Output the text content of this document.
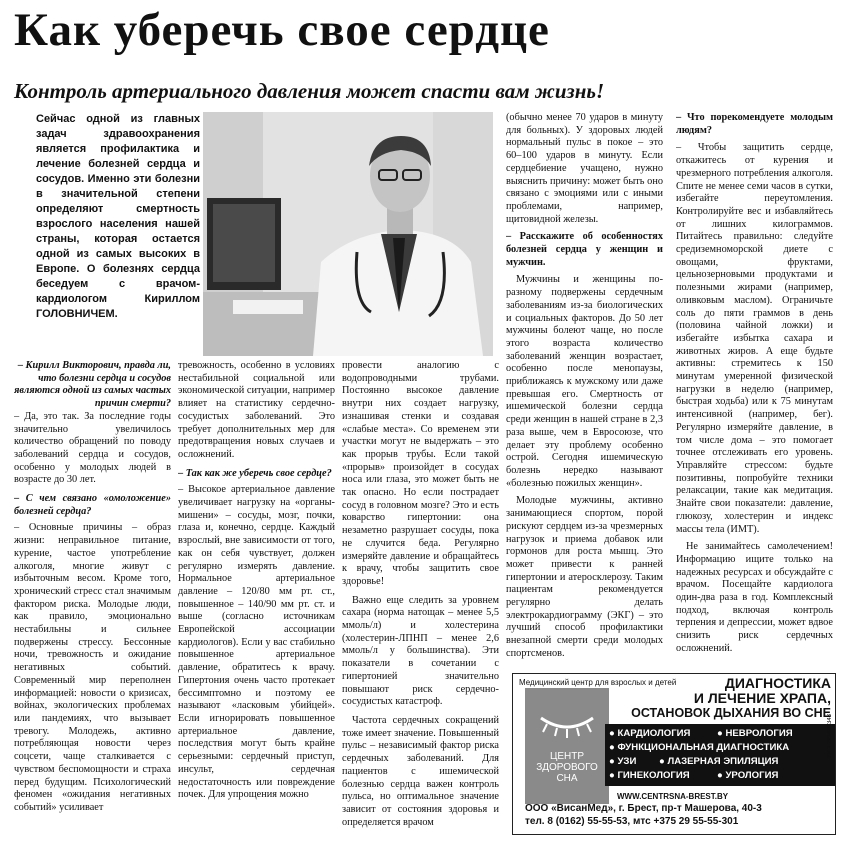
Как уберечь свое сердце
Контроль артериального давления может спасти вам жизнь!
Сейчас одной из главных задач здравоохранения является профилактика и лечение болезней сердца и сосудов. Именно эти болезни в значительной степени определяют смертность взрослого населения нашей страны, которая остается одной из самых высоких в Европе. О болезнях сердца беседуем с врачом-кардиологом Кириллом ГОЛОВНИЧЕМ.

– Кирилл Викторович, правда ли, что болезни сердца и сосудов являются одной из самых частых причин смерти?

– Да, это так. За последние годы значительно увеличилось количество обращений по поводу заболеваний сердца и сосудов, особенно у молодых людей в возрасте до 30 лет.

– С чем связано «омоложение» болезней сердца?

– Основные причины – образ жизни: неправильное питание, курение, частое употребление алкоголя, многие живут с избыточным весом. Кроме того, хронический стресс стал значимым фактором риска. Молодые люди, как правило, эмоционально нестабильны и сильнее подвержены стрессу. Бессонные ночи, тревожность и ожидание негативных событий. Современный мир переполнен информацией: новости о кризисах, войнах, экологических проблемах или пандемиях, что вызывает тревогу. Молодежь, активно потребляющая новости через соцсети, чаще сталкивается с чувством беспомощности и страха перед будущим. Психологический феномен «ожидания негативных событий» усиливает

тревожность, особенно в условиях нестабильной социальной или экономической ситуации, например влияет на статистику сердечно-сосудистых заболеваний. Это требует дополнительных мер для предотвращения новых случаев и осложнений.

– Так как же уберечь свое сердце?

– Высокое артериальное давление увеличивает нагрузку на «органы-мишени» – сосуды, мозг, почки, глаза и, конечно, сердце. Каждый взрослый, вне зависимости от того, как он себя чувствует, должен регулярно измерять давление. Нормальное артериальное давление – 120/80 мм рт. ст., повышенное – 140/90 мм рт. ст. и выше (согласно источникам Европейской ассоциации кардиологов). Если у вас стабильно повышенное артериальное давление, обратитесь к врачу. Гипертония очень часто протекает бессимптомно и поэтому ее называют «ласковым убийцей». Если игнорировать повышенное артериальное давление, последствия могут быть крайне серьезными: сердечный приступ, инсульт, сердечная недостаточность или повреждение почек. Для упрощения можно

провести аналогию с водопроводными трубами. Постоянно высокое давление внутри них создает нагрузку, изнашивая стенки и создавая «слабые места». Со временем эти участки могут не выдержать – это как прорыв трубы. Если такой «прорыв» произойдет в сосудах носа или глаза, это может быть не так опасно. Но если пострадает сосуд в головном мозге? Это и есть коварство гипертонии: она незаметно разрушает сосуды, пока не случится беда. Регулярно измеряйте давление и обращайтесь к врачу, чтобы защитить свое здоровье!

Важно еще следить за уровнем сахара (норма натощак – менее 5,5 ммоль/л) и холестерина (холестерин-ЛПНП – менее 2,6 ммоль/л у большинства). Эти показатели в сочетании с гипертонией значительно повышают риск сердечно-сосудистых катастроф.

Частота сердечных сокращений тоже имеет значение. Повышенный пульс – независимый фактор риска сердечных заболеваний. Для пациентов с ишемической болезнью сердца важен контроль пульса, но оптимальное значение зависит от состояния здоровья и определяется врачом

(обычно менее 70 ударов в минуту для больных). У здоровых людей нормальный пульс в покое – это 60–100 ударов в минуту. Если сердцебиение учащено, нужно выяснить причину: может быть оно связано с эмоциями или с иными проблемами, например, щитовидной железы.

– Расскажите об особенностях болезней сердца у женщин и мужчин.

Мужчины и женщины по-разному подвержены сердечным заболеваниям из-за биологических и социальных факторов. До 50 лет мужчины болеют чаще, но после этого возраста количество заболеваний женщин возрастает, особенно после менопаузы, приближаясь к мужскому или даже превышая его. Смертность от ишемической болезни сердца среди женщин в нашей стране в 2,3 раза выше, чем в Евросоюзе, что делает эту проблему особенно острой. Сегодня ишемическую болезнь нередко называют «болезнью пожилых женщин».

Молодые мужчины, активно занимающиеся спортом, порой рискуют сердцем из-за чрезмерных нагрузок и приема добавок или гормонов для роста мышц. Это может привести к ранней гипертонии и атеросклерозу. Таким пациентам рекомендуется регулярно делать электрокардиограмму (ЭКГ) – это лучший способ профилактики внезапной смерти среди молодых спортсменов.

– Что порекомендуете молодым людям?

– Чтобы защитить сердце, откажитесь от курения и чрезмерного потребления алкоголя. Спите не менее семи часов в сутки, избегайте переутомления. Контролируйте вес и избавляйтесь от лишних килограммов. Питайтесь правильно: следуйте средиземноморской диете с овощами, фруктами, цельнозерновыми продуктами и полезными жирами (например, оливковым маслом). Ограничьте соль до пяти граммов в день (половина чайной ложки) и избегайте избытка сахара и животных жиров. А еще будьте активны: стремитесь к 150 минутам умеренной физической нагрузки в неделю (например, быстрая ходьба) или к 75 минутам интенсивной (например, бег). Регулярно измеряйте давление, в том числе дома – это помогает точнее отслеживать его уровень. Управляйте стрессом: будьте позитивны, попробуйте техники релаксации, такие как медитация. Знайте свои показатели: давление, глюкозу, холестерин и индекс массы тела (ИМТ).

Не занимайтесь самолечением! Информацию ищите только на надежных ресурсах и обсуждайте с врачом. Посещайте кардиолога один-два раза в год. Комплексный подход, включая контроль терпения и депрессии, может вдвое снизить риск сердечных осложнений.

Медицинский центр для взрослых и детей
ЦЕНТР
ЗДОРОВОГО
СНА
ДИАГНОСТИКА
И ЛЕЧЕНИЕ ХРАПА,
ОСТАНОВОК ДЫХАНИЯ ВО СНЕ
● КАРДИОЛОГИЯ	● НЕВРОЛОГИЯ
● ФУНКЦИОНАЛЬНАЯ ДИАГНОСТИКА
● УЗИ ● ЛАЗЕРНАЯ ЭПИЛЯЦИЯ
● ГИНЕКОЛОГИЯ	● УРОЛОГИЯ
WWW.CENTRSNA-BREST.BY
ООО «ВисанМед», г. Брест, пр-т Машерова, 40-3
тел. 8 (0162) 55-55-53, мтс +375 29 55-55-301
УНП 291482343
